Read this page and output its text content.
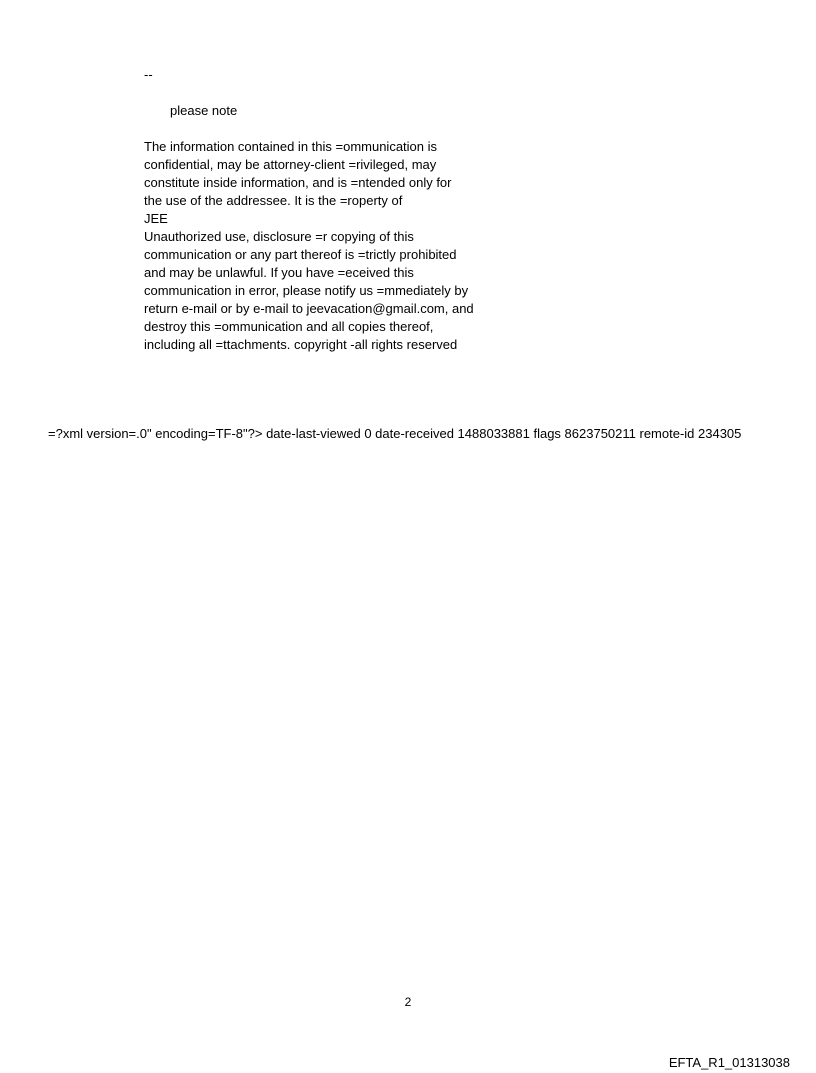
--
please note
The information contained in this =ommunication is
confidential, may be attorney-client =rivileged, may
constitute inside information, and is =ntended only for
the use of the addressee. It is the =roperty of
JEE
Unauthorized use, disclosure =r copying of this
communication or any part thereof is =trictly prohibited
and may be unlawful. If you have =eceived this
communication in error, please notify us =mmediately by
return e-mail or by e-mail to jeevacation@gmail.com, and
destroy this =ommunication and all copies thereof,
including all =ttachments. copyright -all rights reserved
=?xml version=.0" encoding=TF-8"?> date-last-viewed 0 date-received 1488033881 flags 8623750211 remote-id 234305
2
EFTA_R1_01313038
